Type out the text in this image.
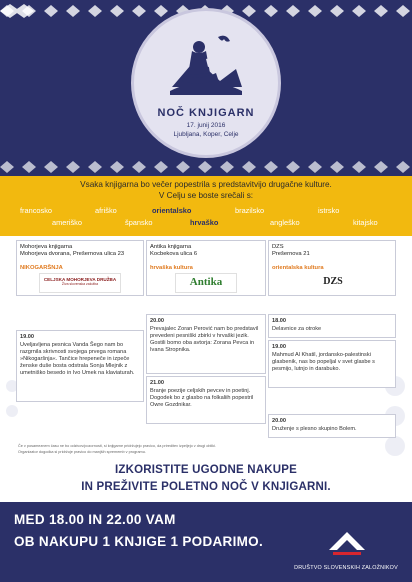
NOČ KNJIGARN
17. junij 2016
Ljubljana, Koper, Celje
Vsaka knjigarna bo večer popestrila s predstavitvijo drugačne kulture.
V Celju se boste srečali s:
francosko	afriško	orientalsko	brazilsko	istrsko
ameriško	špansko	hrvaško	angleško	kitajsko
Mohorjeva knjigarna
Mohorjeva dvorana, Prešernova ulica 23
NIKOGARŠNJA
CELJSKA MOHORJEVA DRUŽBA
Živa slovenska založba
Antika knjigarna
Kocbekova ulica 6
hrvaška kultura
Antika
DZS
Prešernova 21
orientalska kultura
DZS
19.00
Uveljavljena pesnica Vanda Šego nam bo razgrnila skrivnosti svojega prvega romana »Nikogaršnja«. Tančice hrepeneče in izpeče ženske duše bosta odstrala Sonja Mlejnik z umetniško besedo in Ivo Umek na klaviaturah.
20.00
Prevajalec Zoran Perović nam bo predstavil prevedeni pesniški zbirki v hrvaški jezik. Gostili bomo oba avtorja: Zorana Pevca in Ivana Stropnika.
21.00
Branje poezije celjskih pevcev in poetinj. Dogodek bo z glasbo na folkaliih popestril Owre Gozdnikar.
18.00
Delavnice za otroke
19.00
Mahmud Al Khatil, jordansko-palestinski glasbenik, nas bo popeljal v svet glasbe s pesmijo, lutnjo in darabuko.
20.00
Druženje s plesno skupino Bolem.
Če v posameznem času ne bo odzivov/pozornosti, si knjigarne pridržujejo pravico, da prireditev izpeljejo v drugi obliki.
Organizator dogodka si pridržuje pravico do manjših sprememb v programu.
IZKORISTITE UGODNE NAKUPE
IN PREŽIVITE POLETNO NOČ V KNJIGARNI.
MED 18.00 IN 22.00 VAM
OB NAKUPU 1 KNJIGE 1 PODARIMO.
DRUŠTVO SLOVENSKIH ZALOŽNIKOV
